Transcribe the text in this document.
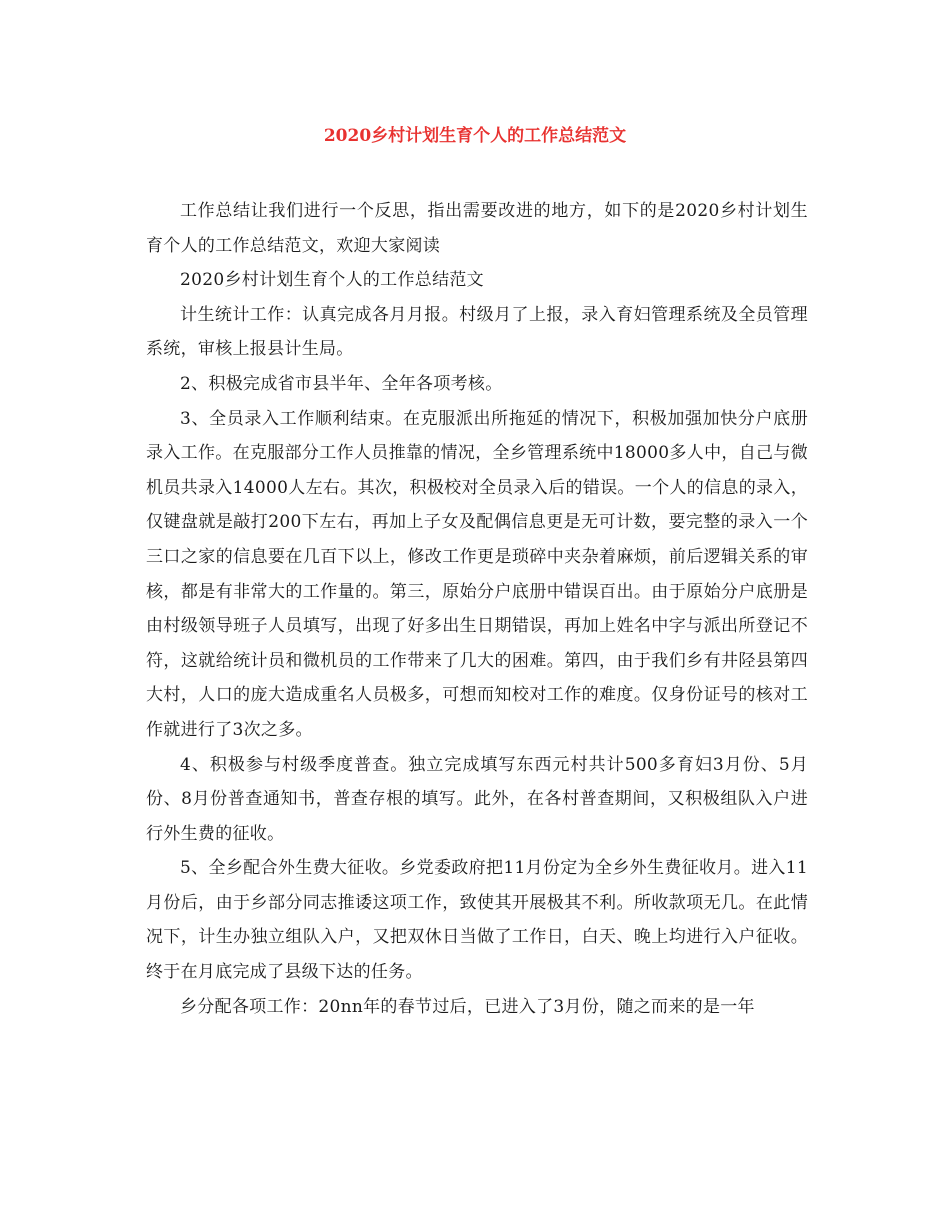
2020乡村计划生育个人的工作总结范文

工作总结让我们进行一个反思，指出需要改进的地方，如下的是2020乡村计划生育个人的工作总结范文，欢迎大家阅读

2020乡村计划生育个人的工作总结范文

计生统计工作：认真完成各月月报。村级月了上报，录入育妇管理系统及全员管理系统，审核上报县计生局。

2、积极完成省市县半年、全年各项考核。

3、全员录入工作顺利结束。在克服派出所拖延的情况下，积极加强加快分户底册录入工作。在克服部分工作人员推靠的情况，全乡管理系统中18000多人中，自己与微机员共录入14000人左右。其次，积极校对全员录入后的错误。一个人的信息的录入，仅键盘就是敲打200下左右，再加上子女及配偶信息更是无可计数，要完整的录入一个三口之家的信息要在几百下以上，修改工作更是琐碎中夹杂着麻烦，前后逻辑关系的审核，都是有非常大的工作量的。第三，原始分户底册中错误百出。由于原始分户底册是由村级领导班子人员填写，出现了好多出生日期错误，再加上姓名中字与派出所登记不符，这就给统计员和微机员的工作带来了几大的困难。第四，由于我们乡有井陉县第四大村，人口的庞大造成重名人员极多，可想而知校对工作的难度。仅身份证号的核对工作就进行了3次之多。

4、积极参与村级季度普查。独立完成填写东西元村共计500多育妇3月份、5月份、8月份普查通知书，普查存根的填写。此外，在各村普查期间，又积极组队入户进行外生费的征收。

5、全乡配合外生费大征收。乡党委政府把11月份定为全乡外生费征收月。进入11月份后，由于乡部分同志推诿这项工作，致使其开展极其不利。所收款项无几。在此情况下，计生办独立组队入户，又把双休日当做了工作日，白天、晚上均进行入户征收。终于在月底完成了县级下达的任务。

乡分配各项工作：20nn年的春节过后，已进入了3月份，随之而来的是一年
